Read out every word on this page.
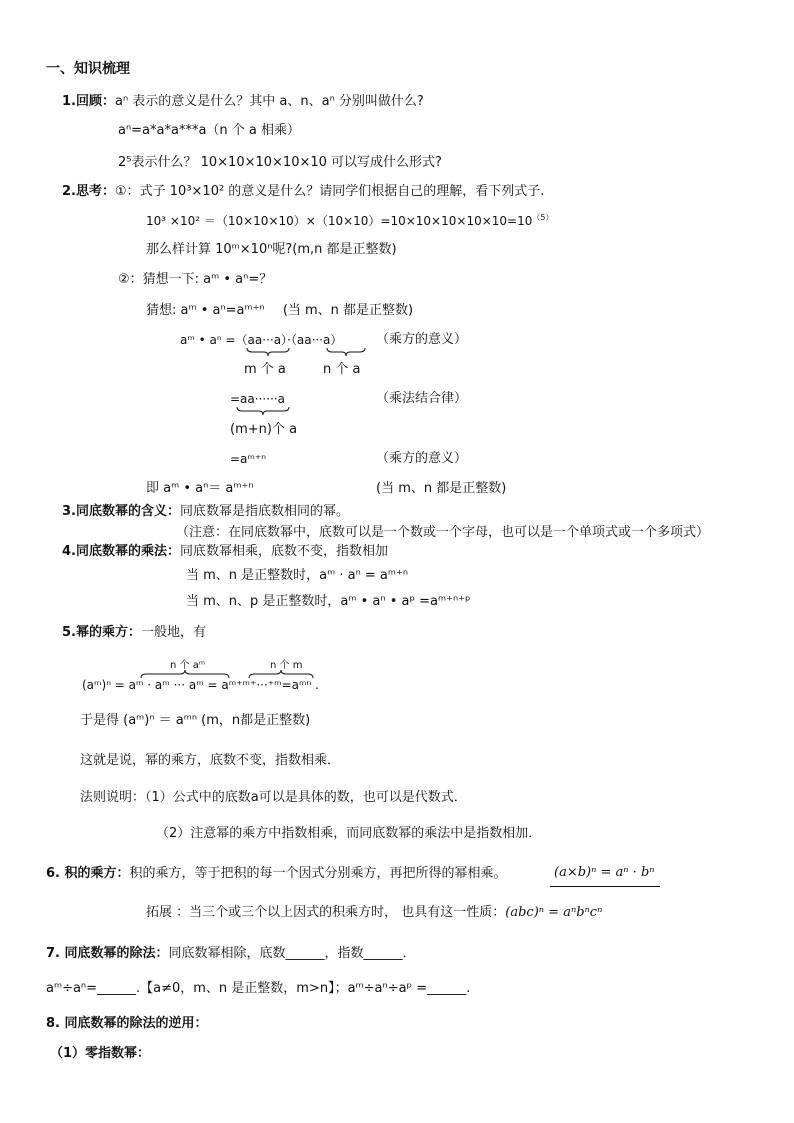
一、知识梳理
1.回顾：aⁿ 表示的意义是什么？其中 a、n、aⁿ 分别叫做什么?
aⁿ=a*a*a***a（n 个 a 相乘）
2⁵表示什么？ 10×10×10×10×10 可以写成什么形式?
2.思考：①：式子 10³×10² 的意义是什么？请同学们根据自己的理解，看下列式子.
$10^3 \times 10^2 =(10\times 10\times 10)\times(10\times 10)=10\times 10\times 10\times 10\times 10=10^{(5)}$
那么样计算 10ᵐ×10ⁿ呢?(m,n 都是正整数)
②：猜想一下: aᵐ • aⁿ=？
猜想: aᵐ • aⁿ=aᵐ⁺ⁿ (当 m、n 都是正整数)
aᵐ • aⁿ =（aa···a）·（aa···a）	（乘方的意义）
m 个 a	n 个 a
=aa······a	（乘法结合律）
(m+n)个 a
=aᵐ⁺ⁿ	（乘方的意义）
即 aᵐ • aⁿ＝ aᵐ⁺ⁿ	(当 m、n 都是正整数)
3.同底数幂的含义：同底数幂是指底数相同的幂。
（注意：在同底数幂中，底数可以是一个数或一个字母，也可以是一个单项式或一个多项式）
4.同底数幂的乘法：同底数幂相乘，底数不变，指数相加
当 m、n 是正整数时，aᵐ · aⁿ = aᵐ⁺ⁿ
当 m、n、p 是正整数时，aᵐ • aⁿ • aᵖ =aᵐ⁺ⁿ⁺ᵖ
5.幂的乘方：一般地，有
n 个 aᵐ	n 个 m
(aᵐ)ⁿ = aᵐ · aᵐ ··· aᵐ = aᵐ⁺ᵐ⁺···⁺ᵐ=aᵐⁿ .
于是得 (aᵐ)ⁿ ＝ aᵐⁿ (m，n都是正整数)
这就是说，幂的乘方，底数不变，指数相乘．
法则说明：（1）公式中的底数a可以是具体的数，也可以是代数式．
（2）注意幂的乘方中指数相乘，而同底数幂的乘法中是指数相加．
6. 积的乘方：积的乘方，等于把积的每一个因式分别乘方，再把所得的幂相乘。	(a×b)ⁿ = aⁿ · bⁿ
拓展 ：当三个或三个以上因式的积乘方时， 也具有这一性质：(abc)ⁿ = aⁿbⁿcⁿ
7. 同底数幂的除法：同底数幂相除，底数______，指数______．
aᵐ÷aⁿ=______.【a≠0，m、n 是正整数，m>n】；aᵐ÷aⁿ÷aᵖ =______.
8. 同底数幂的除法的逆用：
（1）零指数幂：
